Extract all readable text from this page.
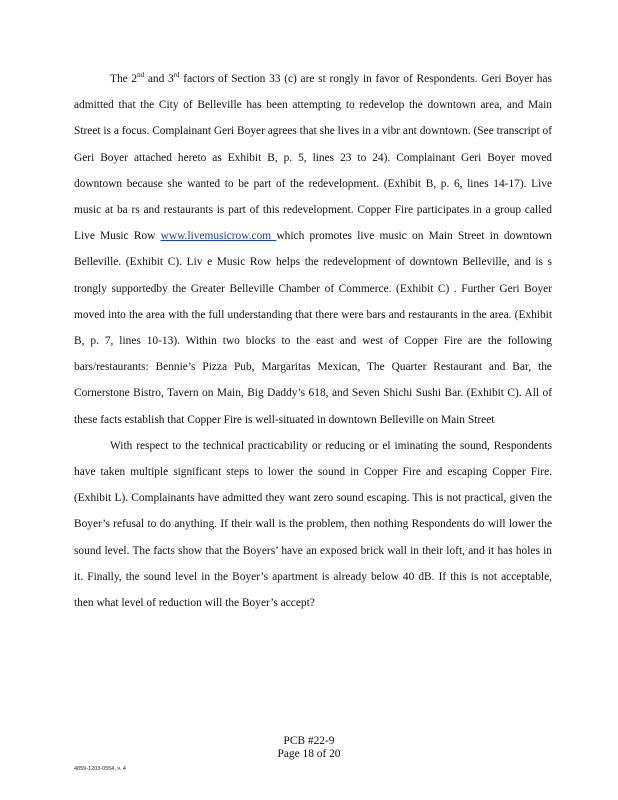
The 2nd and 3rd factors of Section 33 (c) are st rongly in favor of Respondents. Geri Boyer has admitted that the City of Belleville has been attempting to redevelop the downtown area, and Main Street is a focus. Complainant Geri Boyer agrees that she lives in a vibr ant downtown. (See transcript of Geri Boyer attached hereto as Exhibit B, p. 5, lines 23 to 24). Complainant Geri Boyer moved downtown because she wanted to be part of the redevelopment. (Exhibit B, p. 6, lines 14-17). Live music at ba rs and restaurants is part of this redevelopment. Copper Fire participates in a group called Live Music Row www.livemusicrow.com which promotes live music on Main Street in downtown Belleville. (Exhibit C). Liv e Music Row helps the redevelopment of downtown Belleville, and is s trongly supportedby the Greater Belleville Chamber of Commerce. (Exhibit C) . Further Geri Boyer moved into the area with the full understanding that there were bars and restaurants in the area. (Exhibit B, p. 7, lines 10-13). Within two blocks to the east and west of Copper Fire are the following bars/restaurants: Bennie’s Pizza Pub, Margaritas Mexican, The Quarter Restaurant and Bar, the Cornerstone Bistro, Tavern on Main, Big Daddy’s 618, and Seven Shichi Sushi Bar. (Exhibit C). All of these facts establish that Copper Fire is well-situated in downtown Belleville on Main Street

With respect to the technical practicability or reducing or el iminating the sound, Respondents have taken multiple significant steps to lower the sound in Copper Fire and escaping Copper Fire. (Exhibit L). Complainants have admitted they want zero sound escaping. This is not practical, given the Boyer’s refusal to do anything. If their wall is the problem, then nothing Respondents do will lower the sound level. The facts show that the Boyers’ have an exposed brick wall in their loft, and it has holes in it. Finally, the sound level in the Boyer’s apartment is already below 40 dB. If this is not acceptable, then what level of reduction will the Boyer’s accept?

PCB #22-9
Page 18 of 20
4859-1203-0554, v. 4
